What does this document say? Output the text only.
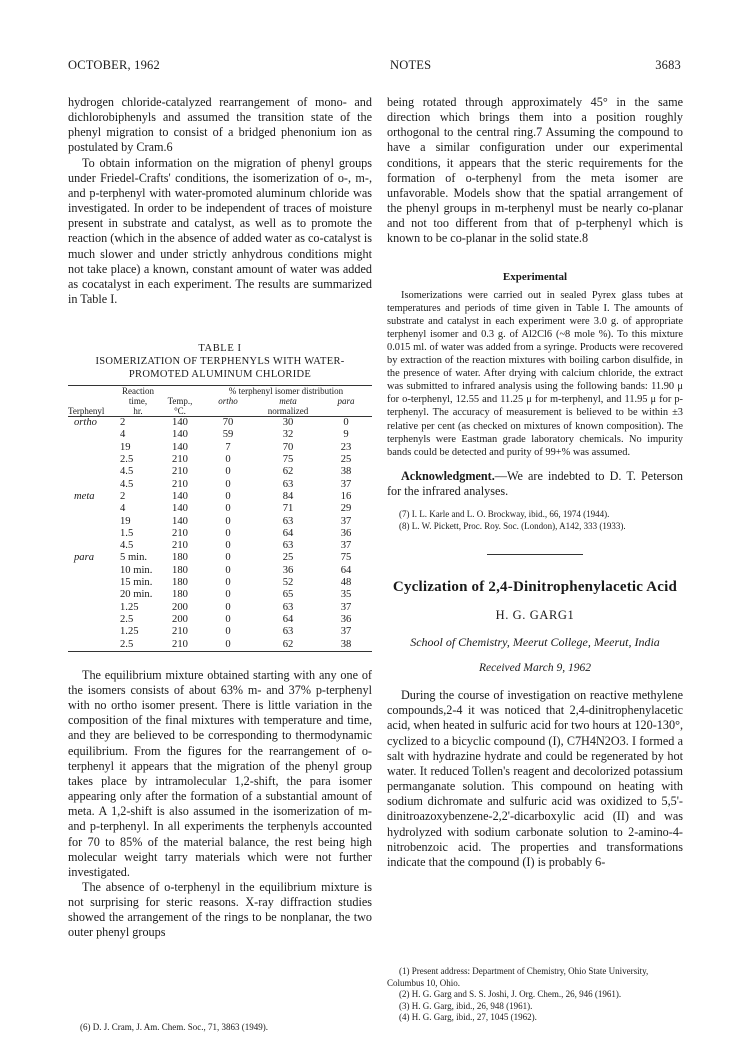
OCTOBER, 1962	NOTES	3683

hydrogen chloride-catalyzed rearrangement of mono- and dichlorobiphenyls and assumed the transition state of the phenyl migration to consist of a bridged phenonium ion as postulated by Cram.6

To obtain information on the migration of phenyl groups under Friedel-Crafts' conditions, the isomerization of o-, m-, and p-terphenyl with water-promoted aluminum chloride was investigated. In order to be independent of traces of moisture present in substrate and catalyst, as well as to promote the reaction (which in the absence of added water as co-catalyst is much slower and under strictly anhydrous conditions might not take place) a known, constant amount of water was added as cocatalyst in each experiment. The results are summarized in Table I.

TABLE I

ISOMERIZATION OF TERPHENYLS WITH WATER-PROMOTED ALUMINUM CHLORIDE

	Reaction		% terphenyl isomer distribution		
	time,	Temp.,	ortho	meta	para
Terphenyl	hr.	°C.		normalized	
ortho	2	140	70	30	0
	4	140	59	32	9
	19	140	7	70	23
	2.5	210	0	75	25
	4.5	210	0	62	38
	4.5	210	0	63	37
meta	2	140	0	84	16
	4	140	0	71	29
	19	140	0	63	37
	1.5	210	0	64	36
	4.5	210	0	63	37
para	5 min.	180	0	25	75
	10 min.	180	0	36	64
	15 min.	180	0	52	48
	20 min.	180	0	65	35
	1.25	200	0	63	37
	2.5	200	0	64	36
	1.25	210	0	63	37
	2.5	210	0	62	38

The equilibrium mixture obtained starting with any one of the isomers consists of about 63% m- and 37% p-terphenyl with no ortho isomer present. There is little variation in the composition of the final mixtures with temperature and time, and they are believed to be corresponding to thermodynamic equilibrium. From the figures for the rearrangement of o-terphenyl it appears that the migration of the phenyl group takes place by intramolecular 1,2-shift, the para isomer appearing only after the formation of a substantial amount of meta. A 1,2-shift is also assumed in the isomerization of m- and p-terphenyl. In all experiments the terphenyls accounted for 70 to 85% of the material balance, the rest being high molecular weight tarry materials which were not further investigated.

The absence of o-terphenyl in the equilibrium mixture is not surprising for steric reasons. X-ray diffraction studies showed the arrangement of the rings to be nonplanar, the two outer phenyl groups

(6) D. J. Cram, J. Am. Chem. Soc., 71, 3863 (1949).

being rotated through approximately 45° in the same direction which brings them into a position roughly orthogonal to the central ring.7 Assuming the compound to have a similar configuration under our experimental conditions, it appears that the steric requirements for the formation of o-terphenyl from the meta isomer are unfavorable. Models show that the spatial arrangement of the phenyl groups in m-terphenyl must be nearly co-planar and not too different from that of p-terphenyl which is known to be co-planar in the solid state.8

Experimental

Isomerizations were carried out in sealed Pyrex glass tubes at temperatures and periods of time given in Table I. The amounts of substrate and catalyst in each experiment were 3.0 g. of appropriate terphenyl isomer and 0.3 g. of Al2Cl6 (~8 mole %). To this mixture 0.015 ml. of water was added from a syringe. Products were recovered by extraction of the reaction mixtures with boiling carbon disulfide, in the presence of water. After drying with calcium chloride, the extract was submitted to infrared analysis using the following bands: 11.90 μ for o-terphenyl, 12.55 and 11.25 μ for m-terphenyl, and 11.95 μ for p-terphenyl. The accuracy of measurement is believed to be within ±3 relative per cent (as checked on mixtures of known composition). The terphenyls were Eastman grade laboratory chemicals. No impurity bands could be detected and purity of 99+% was assumed.

Acknowledgment.—We are indebted to D. T. Peterson for the infrared analyses.

(7) I. L. Karle and L. O. Brockway, ibid., 66, 1974 (1944).

(8) L. W. Pickett, Proc. Roy. Soc. (London), A142, 333 (1933).

Cyclization of 2,4-Dinitrophenylacetic Acid
H. G. GARG1
School of Chemistry, Meerut College, Meerut, India
Received March 9, 1962

During the course of investigation on reactive methylene compounds,2-4 it was noticed that 2,4-dinitrophenylacetic acid, when heated in sulfuric acid for two hours at 120-130°, cyclized to a bicyclic compound (I), C7H4N2O3. I formed a salt with hydrazine hydrate and could be regenerated by hot water. It reduced Tollen's reagent and decolorized potassium permanganate solution. This compound on heating with sodium dichromate and sulfuric acid was oxidized to 5,5'-dinitroazoxybenzene-2,2'-dicarboxylic acid (II) and was hydrolyzed with sodium carbonate solution to 2-amino-4-nitrobenzoic acid. The properties and transformations indicate that the compound (I) is probably 6-

(1) Present address: Department of Chemistry, Ohio State University, Columbus 10, Ohio.

(2) H. G. Garg and S. S. Joshi, J. Org. Chem., 26, 946 (1961).

(3) H. G. Garg, ibid., 26, 948 (1961).

(4) H. G. Garg, ibid., 27, 1045 (1962).
